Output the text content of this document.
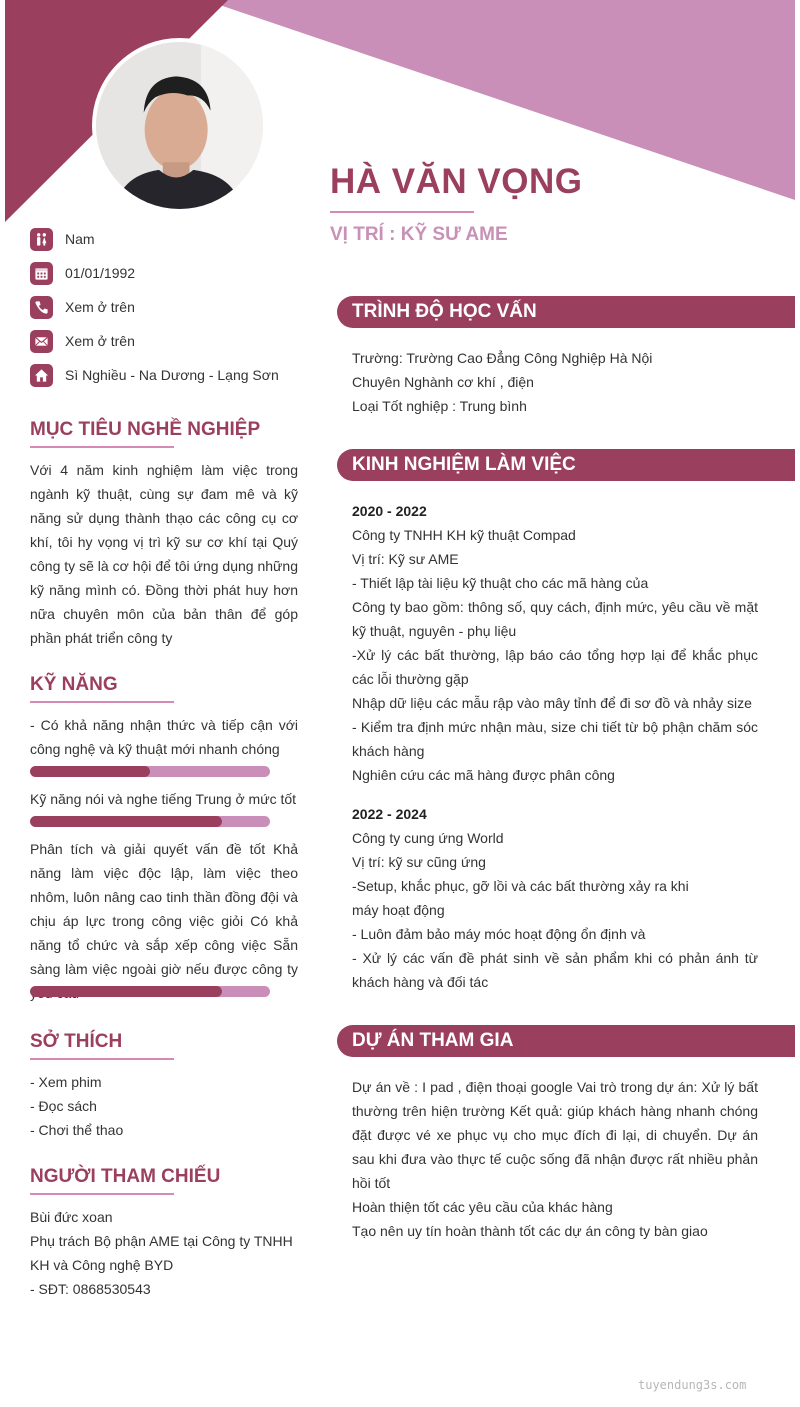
HÀ VĂN VỌNG
VỊ TRÍ : KỸ SƯ AME
Nam
01/01/1992
Xem ở trên
Xem ở trên
Sì Nghiều - Na Dương - Lạng Sơn
MỤC TIÊU NGHỀ NGHIỆP
Với 4 năm kinh nghiệm làm việc trong ngành kỹ thuật, cùng sự đam mê và kỹ năng sử dụng thành thạo các công cụ cơ khí, tôi hy vọng vị trì kỹ sư cơ khí tại Quý công ty sẽ là cơ hội để tôi ứng dụng những kỹ năng mình có. Đồng thời phát huy hơn nữa chuyên môn của bản thân để góp phần phát triển công ty
KỸ NĂNG
- Có khả năng nhận thức và tiếp cận với công nghệ và kỹ thuật mới nhanh chóng
Kỹ năng nói và nghe tiếng Trung ở mức tốt
Phân tích và giải quyết vấn đề tốt Khả năng làm việc độc lập, làm việc theo nhôm, luôn nâng cao tinh thần đồng đội và chịu áp lực trong công việc giỏi Có khả năng tổ chức và sắp xếp công việc Sẵn sàng làm việc ngoài giờ nếu được công ty
SỞ THÍCH
- Xem phim
- Đọc sách
- Chơi thể thao
NGƯỜI THAM CHIẾU
Bùi đức xoan
Phụ trách Bộ phận AME tại Công ty TNHH KH và Công nghệ BYD
- SĐT: 0868530543
TRÌNH ĐỘ HỌC VẤN
Trường: Trường Cao Đẳng Công Nghiệp Hà Nội
Chuyên Nghành cơ khí , điện
Loại Tốt nghiệp : Trung bình
KINH NGHIỆM LÀM VIỆC
2020 - 2022
Công ty TNHH KH kỹ thuật Compad
Vị trí: Kỹ sư AME
- Thiết lập tài liệu kỹ thuật cho các mã hàng của
Công ty bao gồm: thông số, quy cách, định mức, yêu cầu về mặt kỹ thuật, nguyên - phụ liệu
-Xử lý các bất thường, lập báo cáo tổng hợp lại để khắc phục các lỗi thường gặp
Nhập dữ liệu các mẫu rập vào mây tỉnh để đi sơ đồ và nhảy size
- Kiểm tra định mức nhận màu, size chi tiết từ bộ phận chăm sóc khách hàng
Nghiên cứu các mã hàng được phân công
2022 - 2024
Công ty cung ứng World
Vị trí: kỹ sư cũng ứng
-Setup, khắc phục, gỡ lồi và các bất thường xảy ra khi
máy hoạt động
- Luôn đảm bảo máy móc hoạt động ổn định và
- Xử lý các vấn đề phát sinh về sản phẩm khi có phản ánh từ khách hàng và đối tác
DỰ ÁN THAM GIA
Dự án về : I pad , điện thoại google Vai trò trong dự án: Xử lý bất thường trên hiện trường Kết quả: giúp khách hàng nhanh chóng đặt được vé xe phục vụ cho mục đích đi lại, di chuyển. Dự án sau khi đưa vào thực tế cuộc sống đã nhận được rất nhiều phản hồi tốt
Hoàn thiện tốt các yêu cầu của khác hàng
Tạo nên uy tín hoàn thành tốt các dự án công ty bàn giao
tuyendung3s.com
